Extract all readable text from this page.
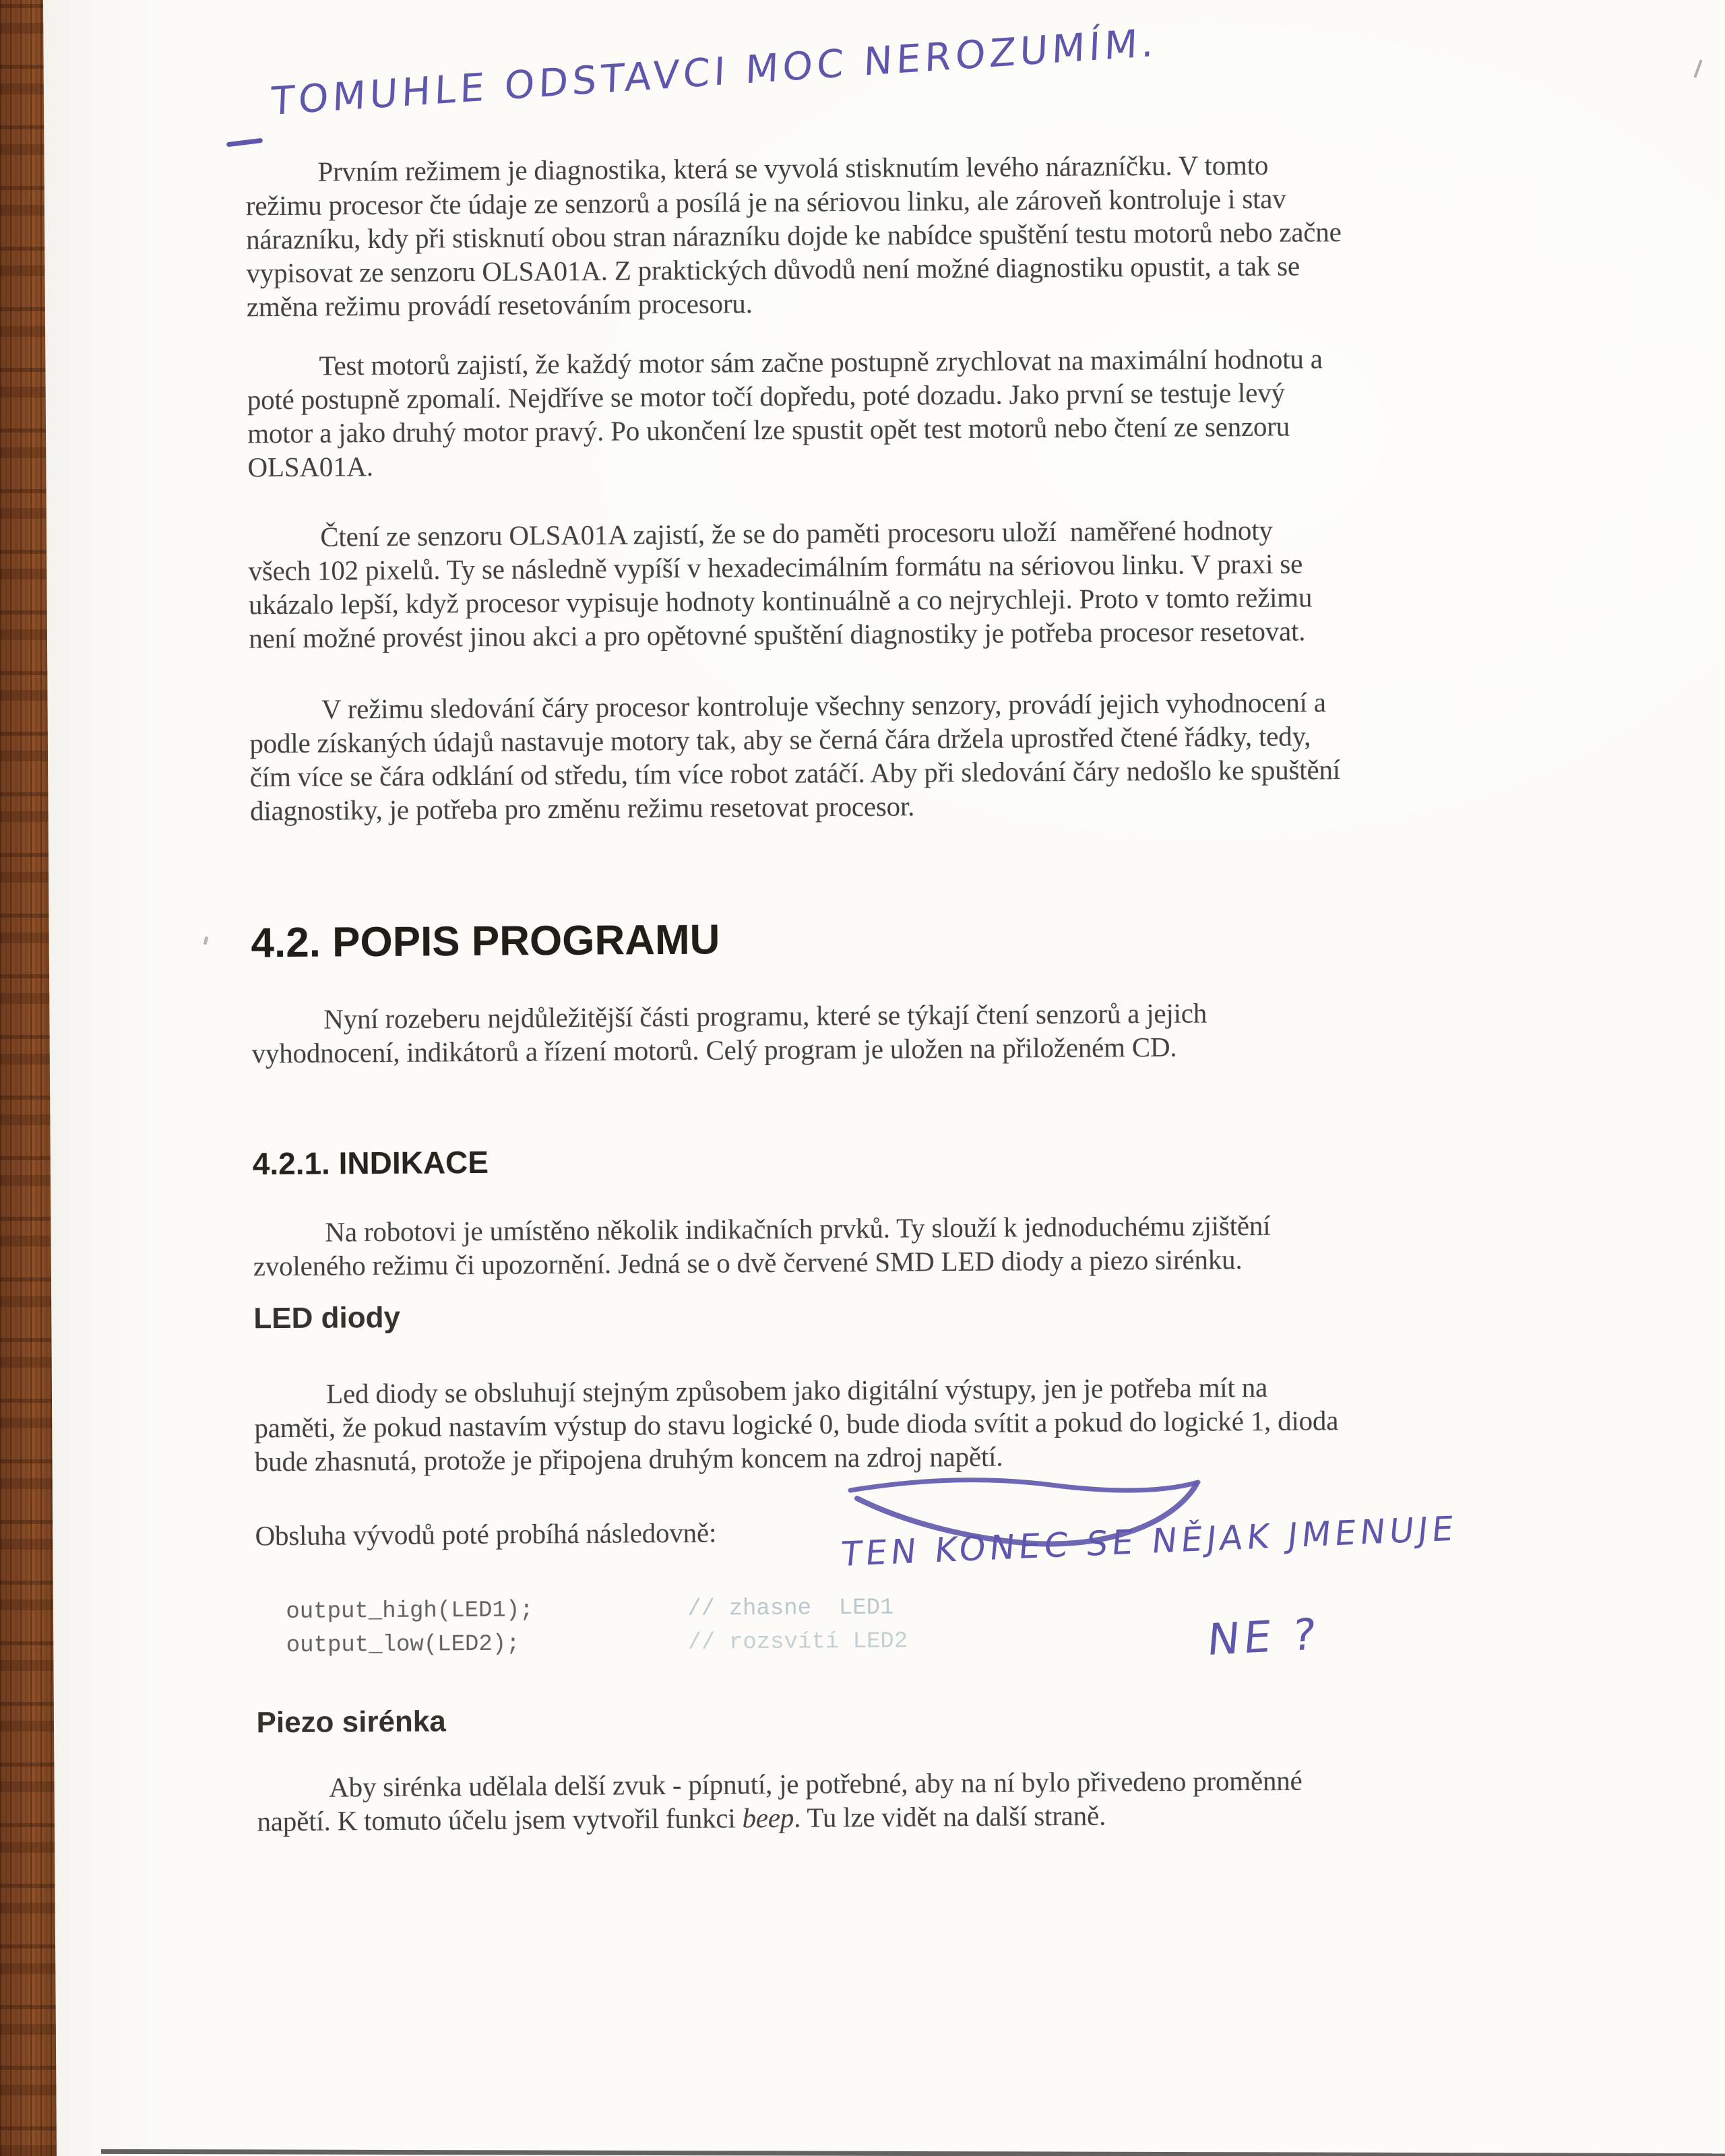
Prvním režimem je diagnostika, která se vyvolá stisknutím levého nárazníčku. V tomto
režimu procesor čte údaje ze senzorů a posílá je na sériovou linku, ale zároveň kontroluje i stav
nárazníku, kdy při stisknutí obou stran nárazníku dojde ke nabídce spuštění testu motorů nebo začne
vypisovat ze senzoru OLSA01A. Z praktických důvodů není možné diagnostiku opustit, a tak se
změna režimu provádí resetováním procesoru.
Test motorů zajistí, že každý motor sám začne postupně zrychlovat na maximální hodnotu a
poté postupně zpomalí. Nejdříve se motor točí dopředu, poté dozadu. Jako první se testuje levý
motor a jako druhý motor pravý. Po ukončení lze spustit opět test motorů nebo čtení ze senzoru
OLSA01A.
Čtení ze senzoru OLSA01A zajistí, že se do paměti procesoru uloží  naměřené hodnoty
všech 102 pixelů. Ty se následně vypíší v hexadecimálním formátu na sériovou linku. V praxi se
ukázalo lepší, když procesor vypisuje hodnoty kontinuálně a co nejrychleji. Proto v tomto režimu
není možné provést jinou akci a pro opětovné spuštění diagnostiky je potřeba procesor resetovat.
V režimu sledování čáry procesor kontroluje všechny senzory, provádí jejich vyhodnocení a
podle získaných údajů nastavuje motory tak, aby se černá čára držela uprostřed čtené řádky, tedy,
čím více se čára odklání od středu, tím více robot zatáčí. Aby při sledování čáry nedošlo ke spuštění
diagnostiky, je potřeba pro změnu režimu resetovat procesor.
4.2. POPIS PROGRAMU
Nyní rozeberu nejdůležitější části programu, které se týkají čtení senzorů a jejich
vyhodnocení, indikátorů a řízení motorů. Celý program je uložen na přiloženém CD.
4.2.1. INDIKACE
Na robotovi je umístěno několik indikačních prvků. Ty slouží k jednoduchému zjištění
zvoleného režimu či upozornění. Jedná se o dvě červené SMD LED diody a piezo sirénku.
LED diody
Led diody se obsluhují stejným způsobem jako digitální výstupy, jen je potřeba mít na
paměti, že pokud nastavím výstup do stavu logické 0, bude dioda svítit a pokud do logické 1, dioda
bude zhasnutá, protože je připojena druhým koncem na zdroj napětí.
Obsluha vývodů poté probíhá následovně:
output_high(LED1);	// zhasne  LED1
output_low(LED2);	// rozsvítí LED2
Piezo sirénka
Aby sirénka udělala delší zvuk - pípnutí, je potřebné, aby na ní bylo přivedeno proměnné
napětí. K tomuto účelu jsem vytvořil funkci beep. Tu lze vidět na další straně.
TOMUHLE ODSTAVCI MOC NEROZUMÍM.
TEN KONEC SE NĚJAK JMENUJE
NE ?
